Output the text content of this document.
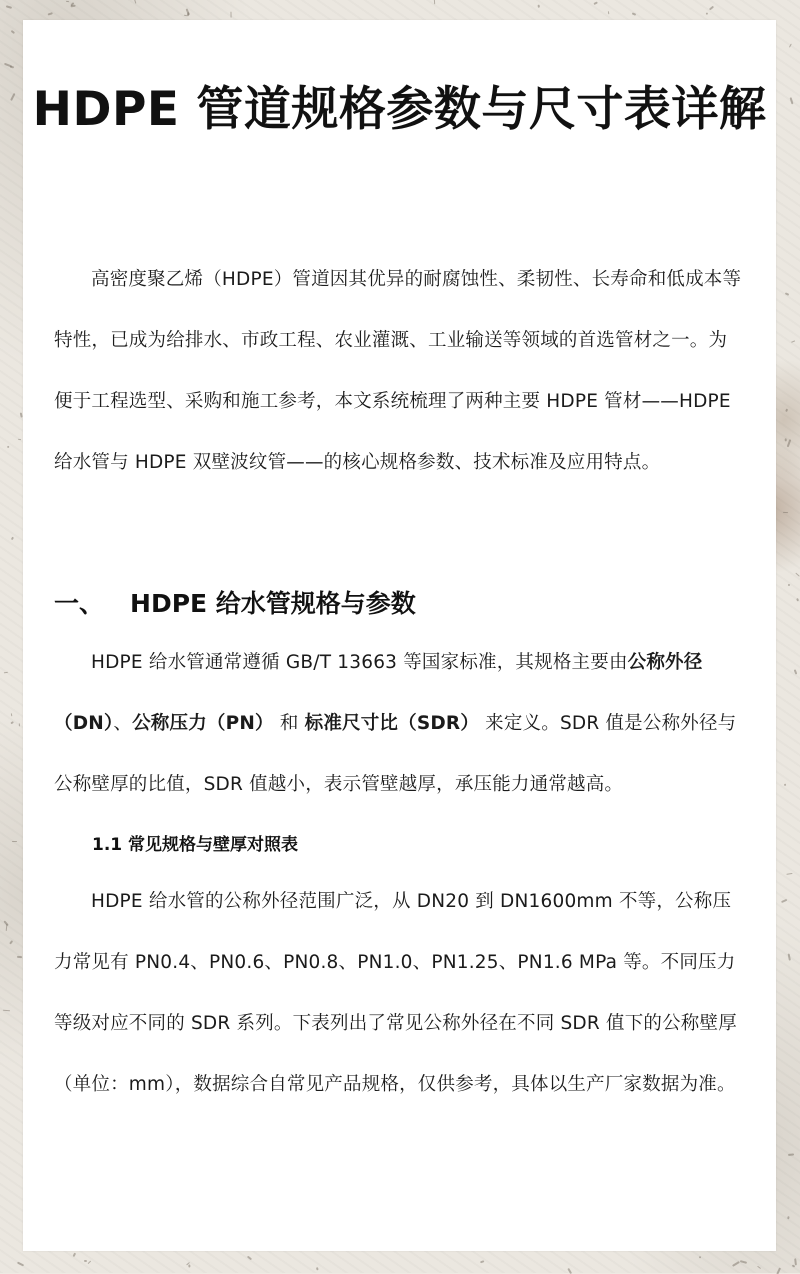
HDPE 管道规格参数与尺寸表详解

高密度聚乙烯（HDPE）管道因其优异的耐腐蚀性、柔韧性、长寿命和低成本等特性，已成为给排水、市政工程、农业灌溉、工业输送等领域的首选管材之一。为便于工程选型、采购和施工参考，本文系统梳理了两种主要 HDPE 管材——HDPE 给水管与 HDPE 双壁波纹管——的核心规格参数、技术标准及应用特点。

一、 HDPE 给水管规格与参数

HDPE 给水管通常遵循 GB/T 13663 等国家标准，其规格主要由公称外径（DN）、公称压力（PN） 和 标准尺寸比（SDR） 来定义。SDR 值是公称外径与公称壁厚的比值，SDR 值越小，表示管壁越厚，承压能力通常越高。

1.1 常见规格与壁厚对照表

HDPE 给水管的公称外径范围广泛，从 DN20 到 DN1600mm 不等，公称压力常见有 PN0.4、PN0.6、PN0.8、PN1.0、PN1.25、PN1.6 MPa 等。不同压力等级对应不同的 SDR 系列。下表列出了常见公称外径在不同 SDR 值下的公称壁厚（单位：mm），数据综合自常见产品规格，仅供参考，具体以生产厂家数据为准。
